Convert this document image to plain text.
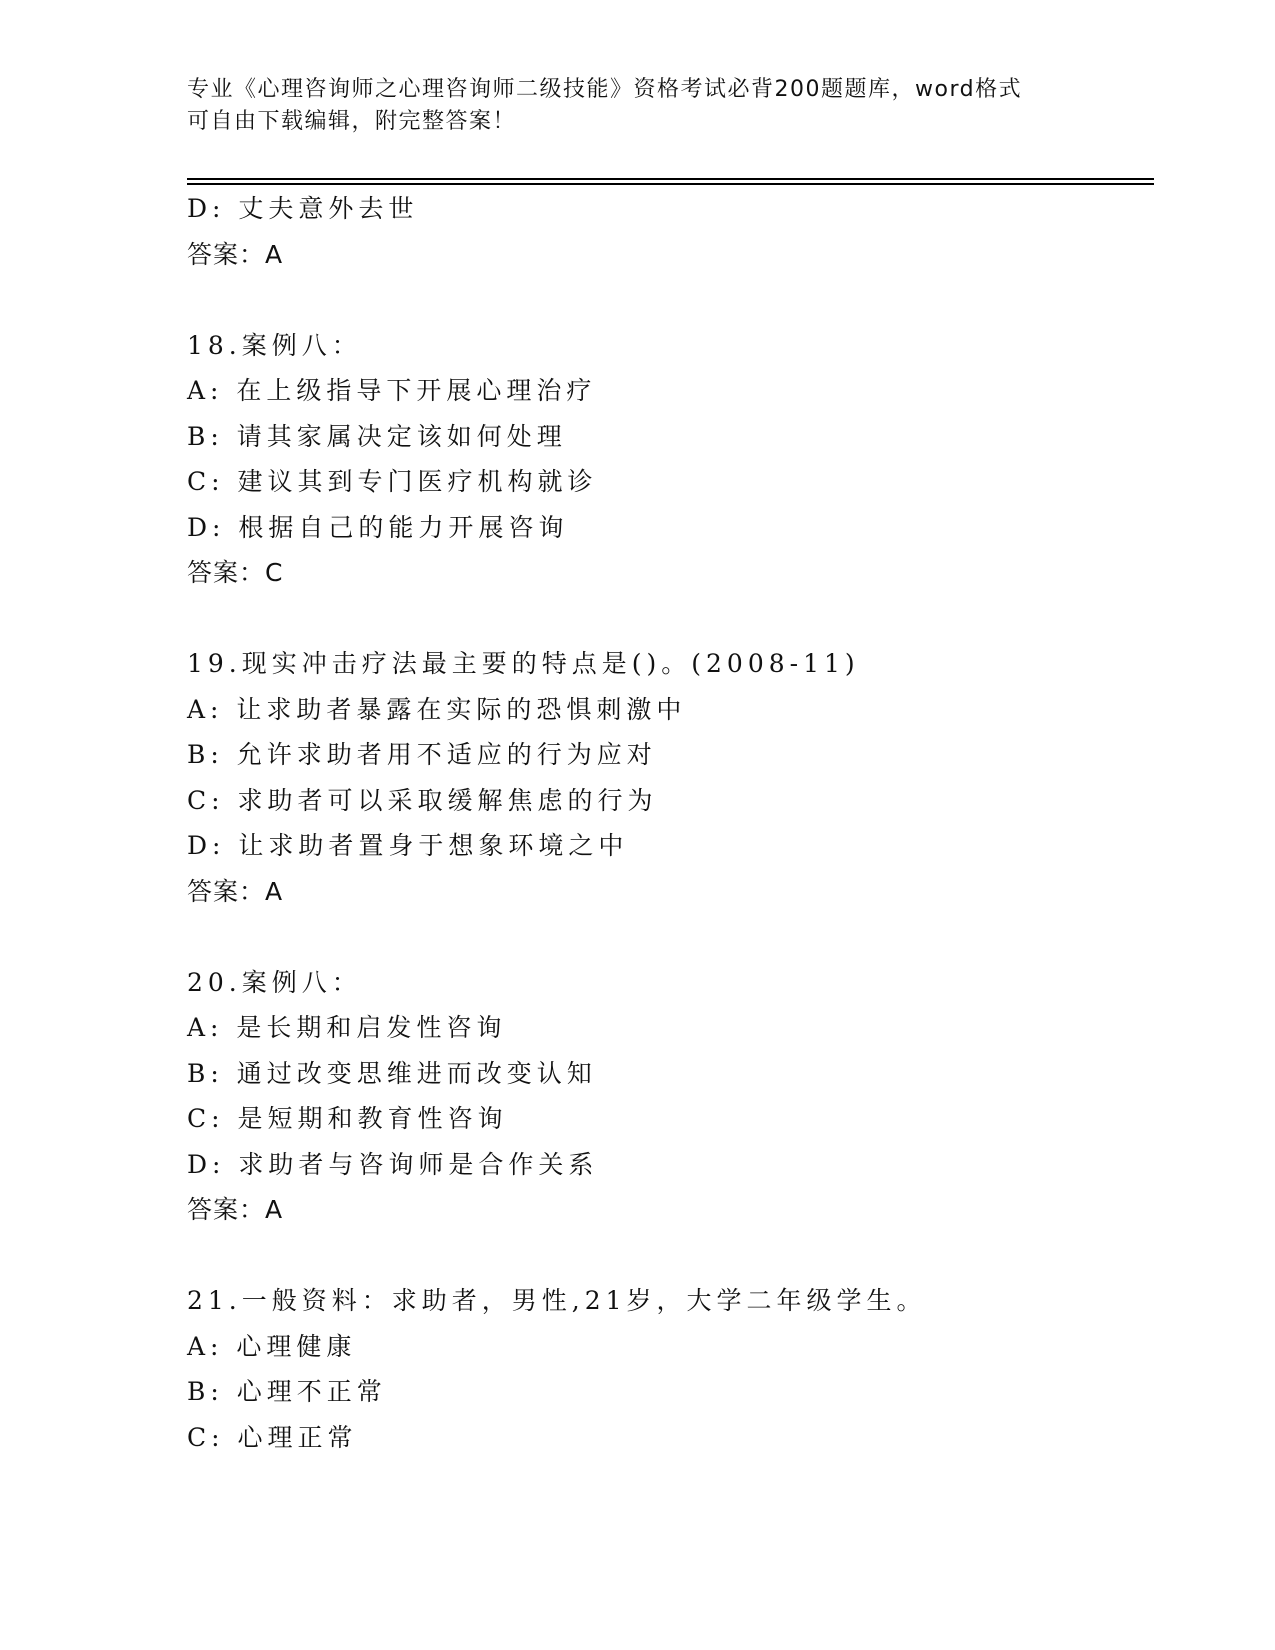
专业《心理咨询师之心理咨询师二级技能》资格考试必背200题题库，word格式
可自由下载编辑，附完整答案！
D: 丈夫意外去世
答案：A
18.案例八：
A: 在上级指导下开展心理治疗
B: 请其家属决定该如何处理
C: 建议其到专门医疗机构就诊
D: 根据自己的能力开展咨询
答案：C
19.现实冲击疗法最主要的特点是()。(2008-11)
A: 让求助者暴露在实际的恐惧刺激中
B: 允许求助者用不适应的行为应对
C: 求助者可以采取缓解焦虑的行为
D: 让求助者置身于想象环境之中
答案：A
20.案例八：
A: 是长期和启发性咨询
B: 通过改变思维进而改变认知
C: 是短期和教育性咨询
D: 求助者与咨询师是合作关系
答案：A
21.一般资料：求助者，男性,21岁，大学二年级学生。
A: 心理健康
B: 心理不正常
C: 心理正常
